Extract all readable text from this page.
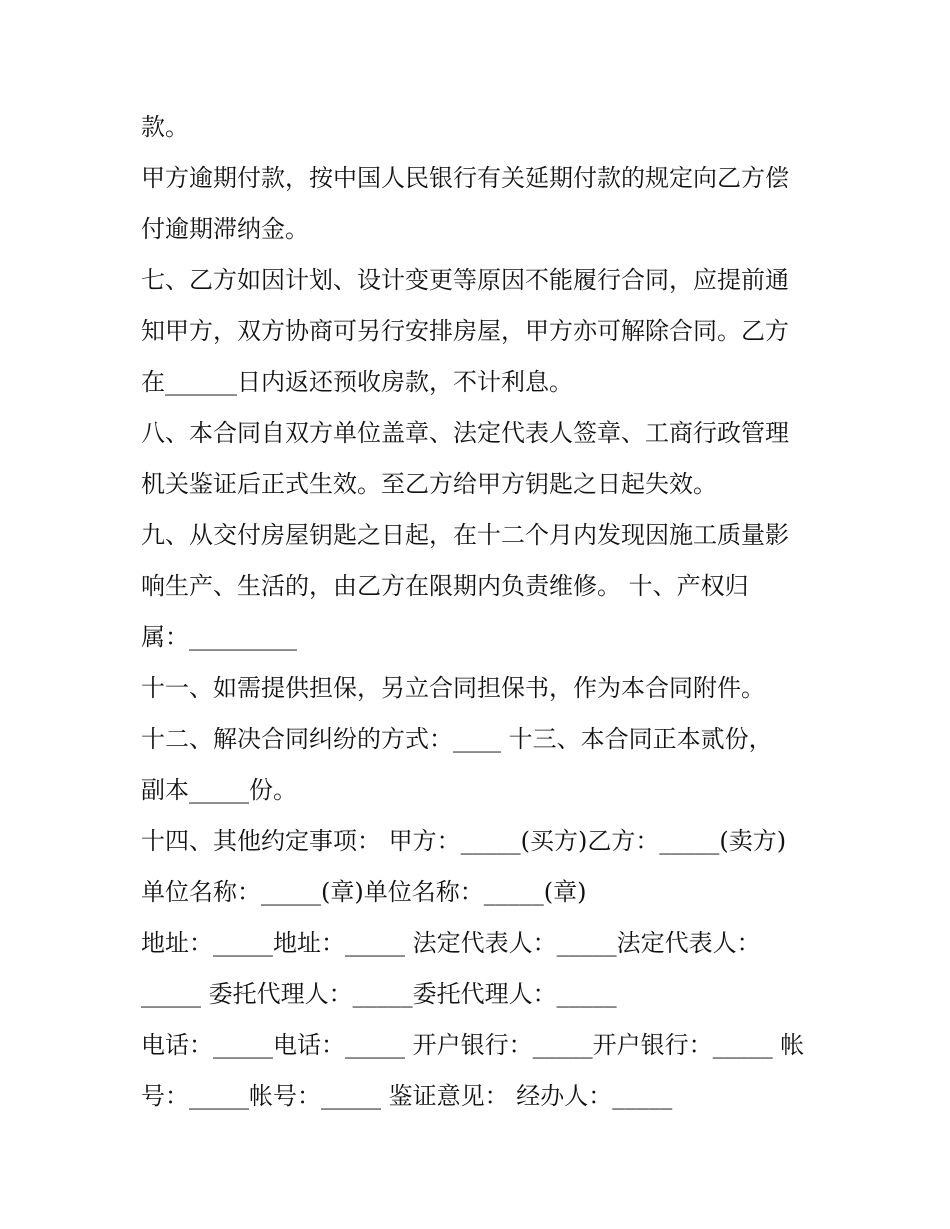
款。
甲方逾期付款，按中国人民银行有关延期付款的规定向乙方偿
付逾期滞纳金。
七、乙方如因计划、设计变更等原因不能履行合同，应提前通
知甲方，双方协商可另行安排房屋，甲方亦可解除合同。乙方
在______日内返还预收房款，不计利息。
八、本合同自双方单位盖章、法定代表人签章、工商行政管理
机关鉴证后正式生效。至乙方给甲方钥匙之日起失效。
九、从交付房屋钥匙之日起，在十二个月内发现因施工质量影
响生产、生活的，由乙方在限期内负责维修。 十、产权归
属：_________
十一、如需提供担保，另立合同担保书，作为本合同附件。
十二、解决合同纠纷的方式：____ 十三、本合同正本贰份，
副本_____份。
十四、其他约定事项： 甲方：_____(买方)乙方：_____(卖方)
单位名称：_____(章)单位名称：_____(章)
地址：_____地址：_____ 法定代表人：_____法定代表人：
_____ 委托代理人：_____委托代理人：_____
电话：_____电话：_____ 开户银行：_____开户银行：_____ 帐
号：_____帐号：_____ 鉴证意见： 经办人：_____
